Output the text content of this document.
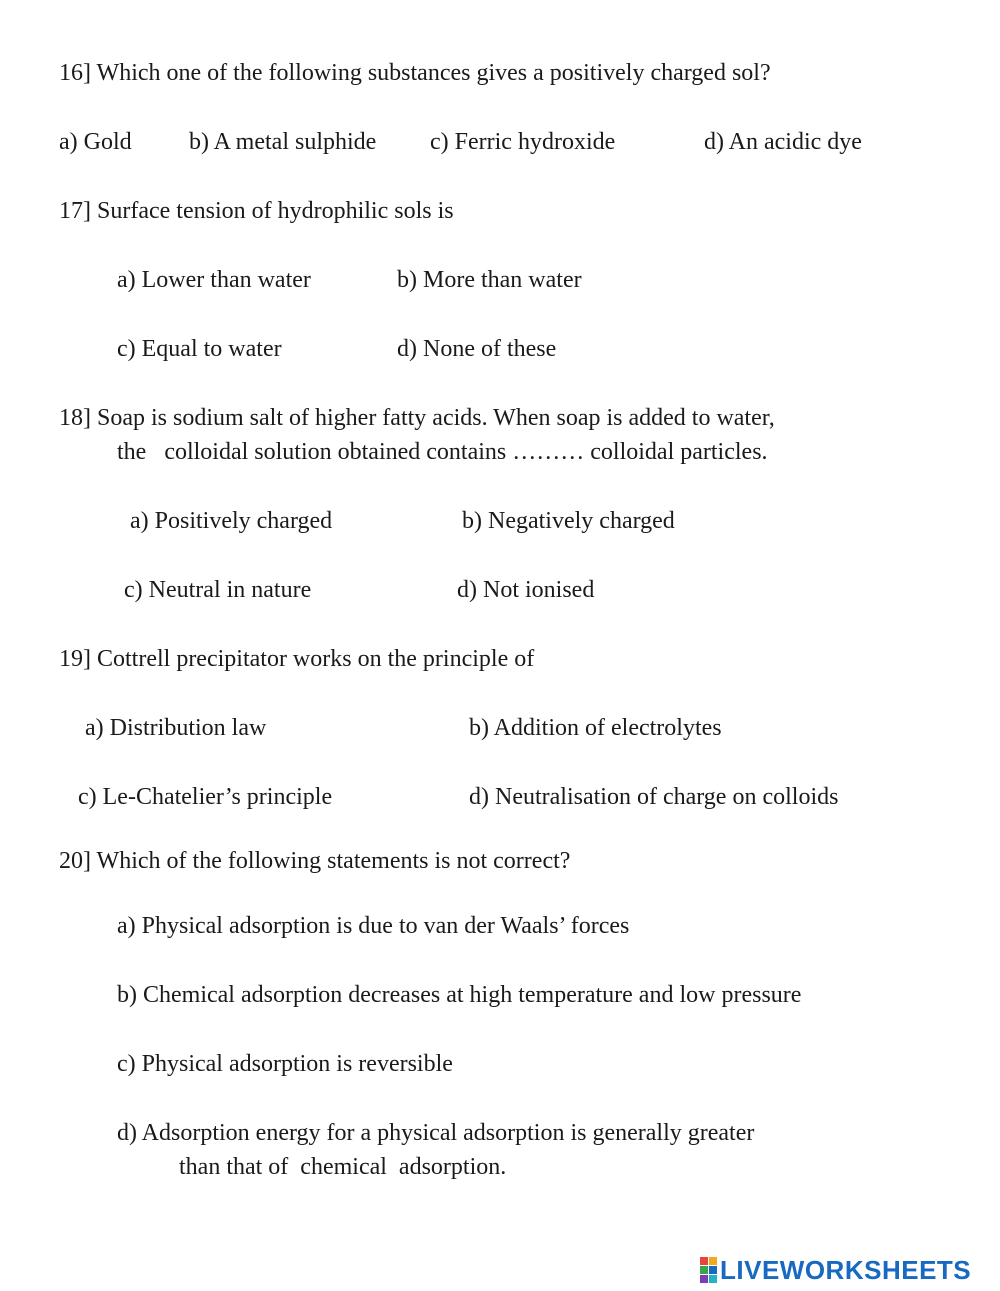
16] Which one of the following substances gives a positively charged sol?
a) Gold b) A metal sulphide c) Ferric hydroxide	d) An acidic dye
17] Surface tension of hydrophilic sols is
a) Lower than water	b) More than water
c) Equal to water	d) None of these
18] Soap is sodium salt of higher fatty acids. When soap is added to water,
the   colloidal solution obtained contains ……… colloidal particles.
a) Positively charged	b) Negatively charged
c) Neutral in nature	d) Not ionised
19] Cottrell precipitator works on the principle of
a) Distribution law	b) Addition of electrolytes
c) Le-Chatelier’s principle	d) Neutralisation of charge on colloids
20] Which of the following statements is not correct?
a) Physical adsorption is due to van der Waals’ forces
b) Chemical adsorption decreases at high temperature and low pressure
c) Physical adsorption is reversible
d) Adsorption energy for a physical adsorption is generally greater
than that of  chemical  adsorption.
LIVEWORKSHEETS
